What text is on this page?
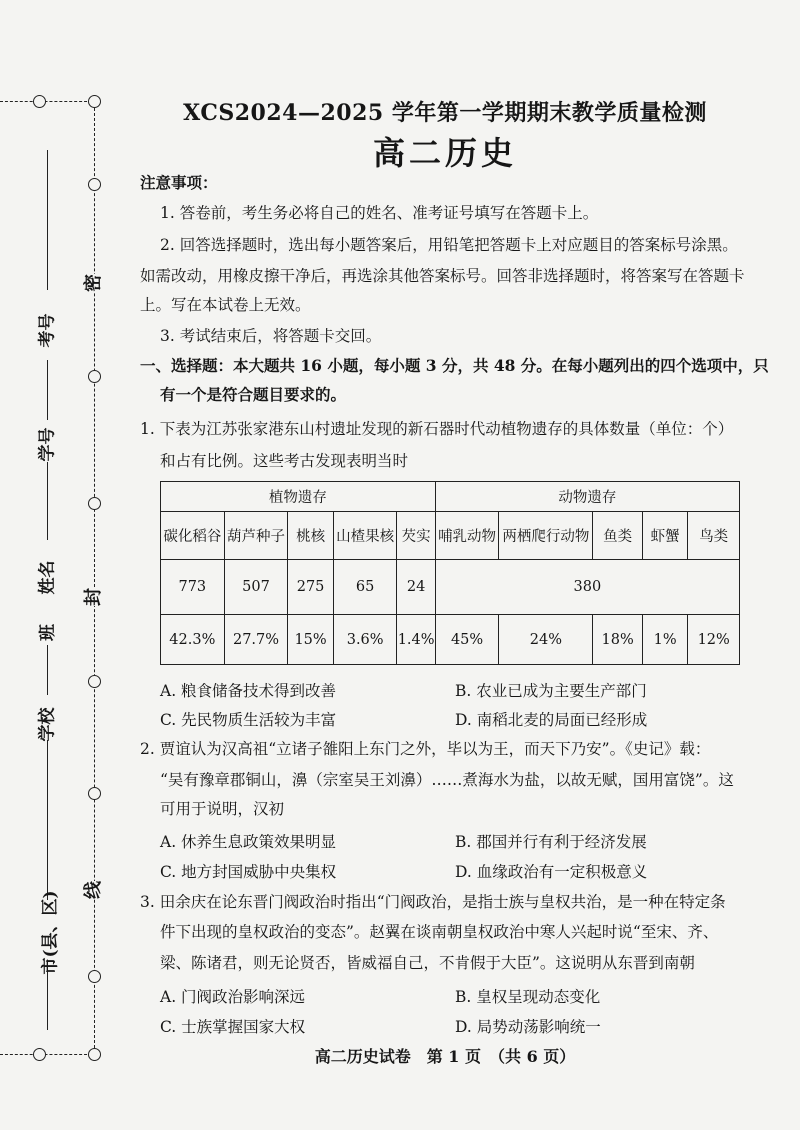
密
封
线
考号
学号
姓名
班
学校
市(县、区)
XCS2024—2025 学年第一学期期末教学质量检测
高二历史
注意事项：
1. 答卷前，考生务必将自己的姓名、准考证号填写在答题卡上。
2. 回答选择题时，选出每小题答案后，用铅笔把答题卡上对应题目的答案标号涂黑。
如需改动，用橡皮擦干净后，再选涂其他答案标号。回答非选择题时，将答案写在答题卡
上。写在本试卷上无效。
3. 考试结束后，将答题卡交回。
一、选择题：本大题共 16 小题，每小题 3 分，共 48 分。在每小题列出的四个选项中，只
有一个是符合题目要求的。
1. 下表为江苏张家港东山村遗址发现的新石器时代动植物遗存的具体数量（单位：个）
和占有比例。这些考古发现表明当时
植物遗存					动物遗存				
碳化稻谷	葫芦种子	桃核	山楂果核	芡实	哺乳动物	两栖爬行动物	鱼类	虾蟹	鸟类
773	507	275	65	24	380				
42.3%	27.7%	15%	3.6%	1.4%	45%	24%	18%	1%	12%
A. 粮食储备技术得到改善	B. 农业已成为主要生产部门
C. 先民物质生活较为丰富	D. 南稻北麦的局面已经形成
2. 贾谊认为汉高祖“立诸子雒阳上东门之外，毕以为王，而天下乃安”。《史记》载：
“吴有豫章郡铜山，濞（宗室吴王刘濞）……煮海水为盐，以故无赋，国用富饶”。这
可用于说明，汉初
A. 休养生息政策效果明显	B. 郡国并行有利于经济发展
C. 地方封国威胁中央集权	D. 血缘政治有一定积极意义
3. 田余庆在论东晋门阀政治时指出“门阀政治，是指士族与皇权共治，是一种在特定条
件下出现的皇权政治的变态”。赵翼在谈南朝皇权政治中寒人兴起时说“至宋、齐、
梁、陈诸君，则无论贤否，皆威福自己，不肯假于大臣”。这说明从东晋到南朝
A. 门阀政治影响深远	B. 皇权呈现动态变化
C. 士族掌握国家大权	D. 局势动荡影响统一
高二历史试卷　第 1 页　（共 6 页）
